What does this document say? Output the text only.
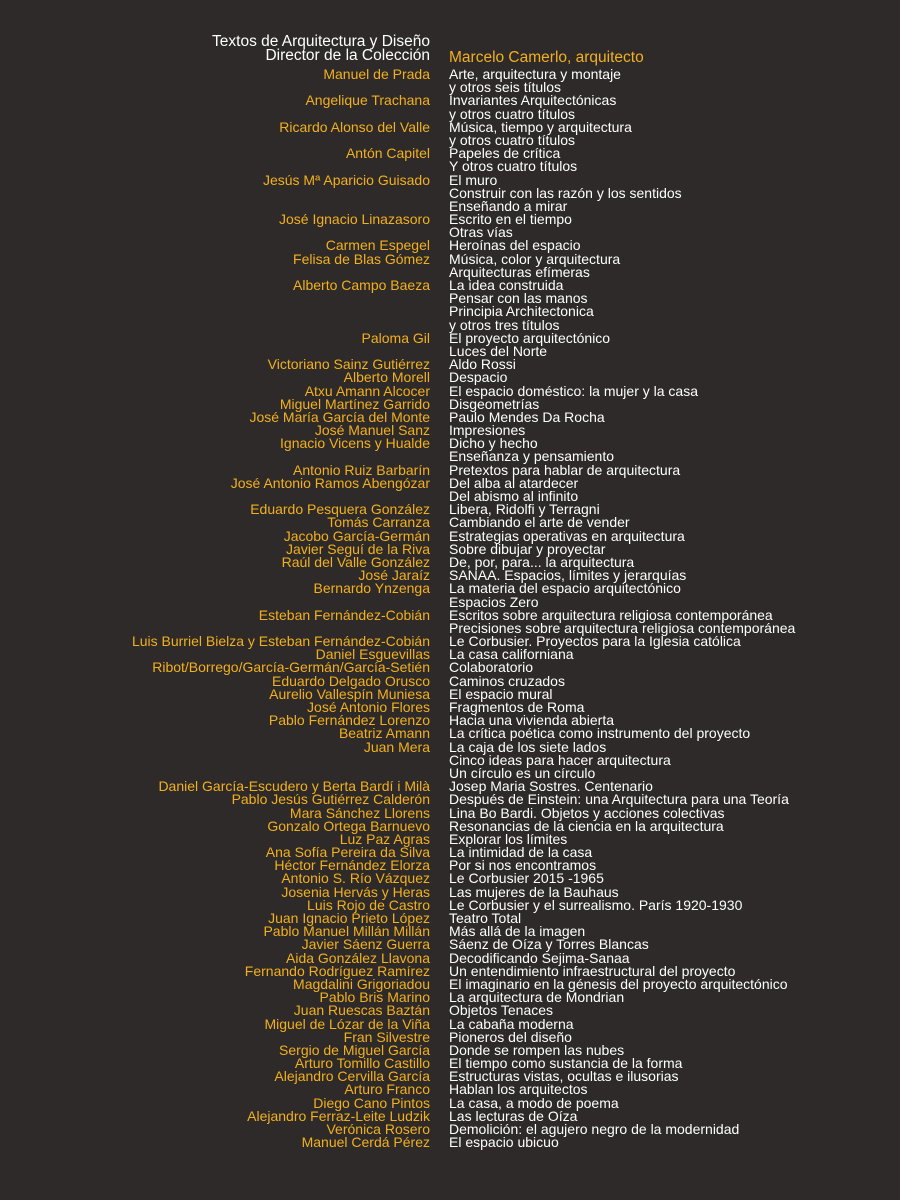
Textos de Arquitectura y Diseño
Director de la Colección Marcelo Camerlo, arquitecto
Manuel de Prada Arte, arquitectura y montaje
y otros seis títulos
Angelique Trachana Invariantes Arquitectónicas
y otros cuatro títulos
Ricardo Alonso del Valle Música, tiempo y arquitectura
y otros cuatro títulos
Antón Capitel Papeles de crítica
Y otros cuatro títulos
Jesús Mª Aparicio Guisado El muro
Construir con las razón y los sentidos
Enseñando a mirar
José Ignacio Linazasoro Escrito en el tiempo
Otras vías
Carmen Espegel Heroínas del espacio
Felisa de Blas Gómez Música, color y arquitectura
Arquitecturas efímeras
Alberto Campo Baeza La idea construida
Pensar con las manos
Principia Architectonica
y otros tres títulos
Paloma Gil El proyecto arquitectónico
Luces del Norte
Victoriano Sainz Gutiérrez Aldo Rossi
Alberto Morell Despacio
Atxu Amann Alcocer El espacio doméstico: la mujer y la casa
Miguel Martínez Garrido Disgeometrías
José María García del Monte Paulo Mendes Da Rocha
José Manuel Sanz Impresiones
Ignacio Vicens y Hualde Dicho y hecho
Enseñanza y pensamiento
Antonio Ruiz Barbarín Pretextos para hablar de arquitectura
José Antonio Ramos Abengózar Del alba al atardecer
Del abismo al infinito
Eduardo Pesquera González Libera, Ridolfi y Terragni
Tomás Carranza Cambiando el arte de vender
Jacobo García-Germán Estrategias operativas en arquitectura
Javier Seguí de la Riva Sobre dibujar y proyectar
Raúl del Valle González De, por, para... la arquitectura
José Jaraíz SANAA. Espacios, límites y jerarquías
Bernardo Ynzenga La materia del espacio arquitectónico
Espacios Zero
Esteban Fernández-Cobián Escritos sobre arquitectura religiosa contemporánea
Precisiones sobre arquitectura religiosa contemporánea
Luis Burriel Bielza y Esteban Fernández-Cobián Le Corbusier. Proyectos para la Iglesia católica
Daniel Esguevillas La casa californiana
Ribot/Borrego/García-Germán/García-Setién Colaboratorio
Eduardo Delgado Orusco Caminos cruzados
Aurelio Vallespín Muniesa El espacio mural
José Antonio Flores Fragmentos de Roma
Pablo Fernández Lorenzo Hacia una vivienda abierta
Beatriz Amann La crítica poética como instrumento del proyecto
Juan Mera La caja de los siete lados
Cinco ideas para hacer arquitectura
Un círculo es un círculo
Daniel García-Escudero y Berta Bardí i Milà Josep Maria Sostres. Centenario
Pablo Jesús Gutiérrez Calderón Después de Einstein: una Arquitectura para una Teoría
Mara Sánchez Llorens Lina Bo Bardi. Objetos y acciones colectivas
Gonzalo Ortega Barnuevo Resonancias de la ciencia en la arquitectura
Luz Paz Agras Explorar los límites
Ana Sofía Pereira da Silva La intimidad de la casa
Héctor Fernández Elorza Por si nos encontramos
Antonio S. Río Vázquez Le Corbusier 2015 -1965
Josenia Hervás y Heras Las mujeres de la Bauhaus
Luis Rojo de Castro Le Corbusier y el surrealismo. París 1920-1930
Juan Ignacio Prieto López Teatro Total
Pablo Manuel Millán Millán Más allá de la imagen
Javier Sáenz Guerra Sáenz de Oíza y Torres Blancas
Aida González Llavona Decodificando Sejima-Sanaa
Fernando Rodríguez Ramírez Un entendimiento infraestructural del proyecto
Magdalini Grigoriadou El imaginario en la génesis del proyecto arquitectónico
Pablo Bris Marino La arquitectura de Mondrian
Juan Ruescas Baztán Objetos Tenaces
Miguel de Lózar de la Viña La cabaña moderna
Fran Silvestre Pioneros del diseño
Sergio de Miguel García Donde se rompen las nubes
Arturo Tomillo Castillo El tiempo como sustancia de la forma
Alejandro Cervilla García Estructuras vistas, ocultas e ilusorias
Arturo Franco Hablan los arquitectos
Diego Cano Pintos La casa, a modo de poema
Alejandro Ferraz-Leite Ludzik Las lecturas de Oíza
Verónica Rosero Demolición: el agujero negro de la modernidad
Manuel Cerdá Pérez El espacio ubicuo
